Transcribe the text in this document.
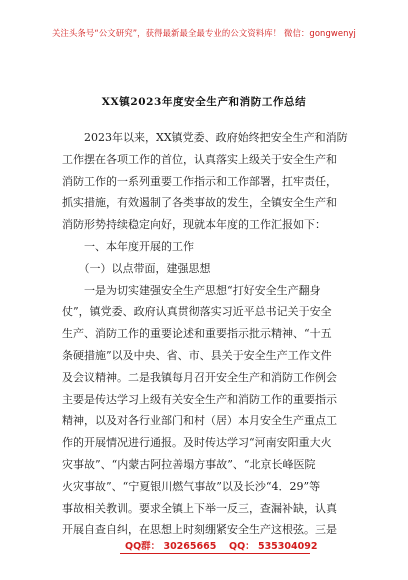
关注头条号“公文研究”，获得最新最全最专业的公文资料库！ 微信：gongwenyj
XX镇2023年度安全生产和消防工作总结
　　2023年以来，XX镇党委、政府始终把安全生产和消防
工作摆在各项工作的首位，认真落实上级关于安全生产和
消防工作的一系列重要工作指示和工作部署，扛牢责任，
抓实措施，有效遏制了各类事故的发生，全镇安全生产和
消防形势持续稳定向好，现就本年度的工作汇报如下：
　　一、本年度开展的工作
　　（一）以点带面，建强思想
　　一是为切实建强安全生产思想“打好安全生产翻身
仗”，镇党委、政府认真贯彻落实习近平总书记关于安全
生产、消防工作的重要论述和重要指示批示精神、“十五
条硬措施”以及中央、省、市、县关于安全生产工作文件
及会议精神。二是我镇每月召开安全生产和消防工作例会
主要是传达学习上级有关安全生产和消防工作的重要指示
精神，以及对各行业部门和村（居）本月安全生产重点工
作的开展情况进行通报。及时传达学习“河南安阳重大火
灾事故”、“内蒙古阿拉善塌方事故”、“北京长峰医院
火灾事故”、“宁夏银川燃气事故”以及长沙“4．29”等
事故相关教训。要求全镇上下举一反三，查漏补缺，认真
开展自查自纠，在思想上时刻绷紧安全生产这根弦。三是
QQ群： 30265665 QQ： 535304092
